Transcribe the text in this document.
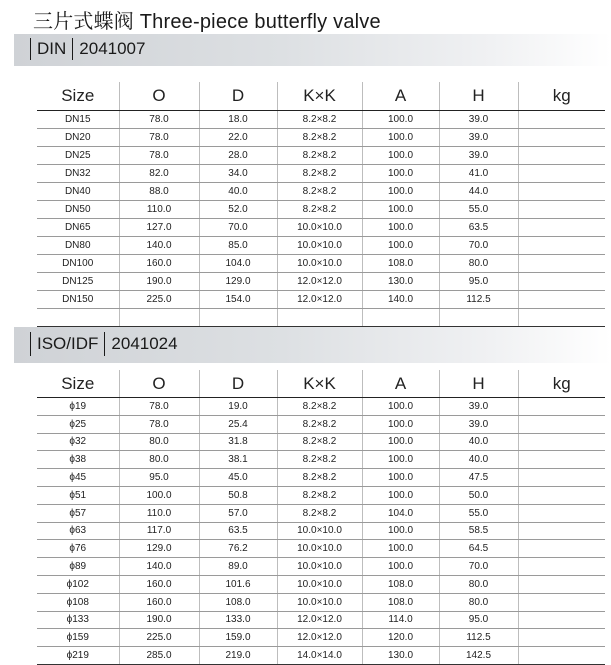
三片式蝶阀 Three-piece butterfly valve
DIN 2041007
Size	O	D	K×K	A	H	kg
DN15	78.0	18.0	8.2×8.2	100.0	39.0	
DN20	78.0	22.0	8.2×8.2	100.0	39.0	
DN25	78.0	28.0	8.2×8.2	100.0	39.0	
DN32	82.0	34.0	8.2×8.2	100.0	41.0	
DN40	88.0	40.0	8.2×8.2	100.0	44.0	
DN50	110.0	52.0	8.2×8.2	100.0	55.0	
DN65	127.0	70.0	10.0×10.0	100.0	63.5	
DN80	140.0	85.0	10.0×10.0	100.0	70.0	
DN100	160.0	104.0	10.0×10.0	108.0	80.0	
DN125	190.0	129.0	12.0×12.0	130.0	95.0	
DN150	225.0	154.0	12.0×12.0	140.0	112.5	

ISO/IDF 2041024
Size	O	D	K×K	A	H	kg
ϕ19	78.0	19.0	8.2×8.2	100.0	39.0	
ϕ25	78.0	25.4	8.2×8.2	100.0	39.0	
ϕ32	80.0	31.8	8.2×8.2	100.0	40.0	
ϕ38	80.0	38.1	8.2×8.2	100.0	40.0	
ϕ45	95.0	45.0	8.2×8.2	100.0	47.5	
ϕ51	100.0	50.8	8.2×8.2	100.0	50.0	
ϕ57	110.0	57.0	8.2×8.2	104.0	55.0	
ϕ63	117.0	63.5	10.0×10.0	100.0	58.5	
ϕ76	129.0	76.2	10.0×10.0	100.0	64.5	
ϕ89	140.0	89.0	10.0×10.0	100.0	70.0	
ϕ102	160.0	101.6	10.0×10.0	108.0	80.0	
ϕ108	160.0	108.0	10.0×10.0	108.0	80.0	
ϕ133	190.0	133.0	12.0×12.0	114.0	95.0	
ϕ159	225.0	159.0	12.0×12.0	120.0	112.5	
ϕ219	285.0	219.0	14.0×14.0	130.0	142.5	
